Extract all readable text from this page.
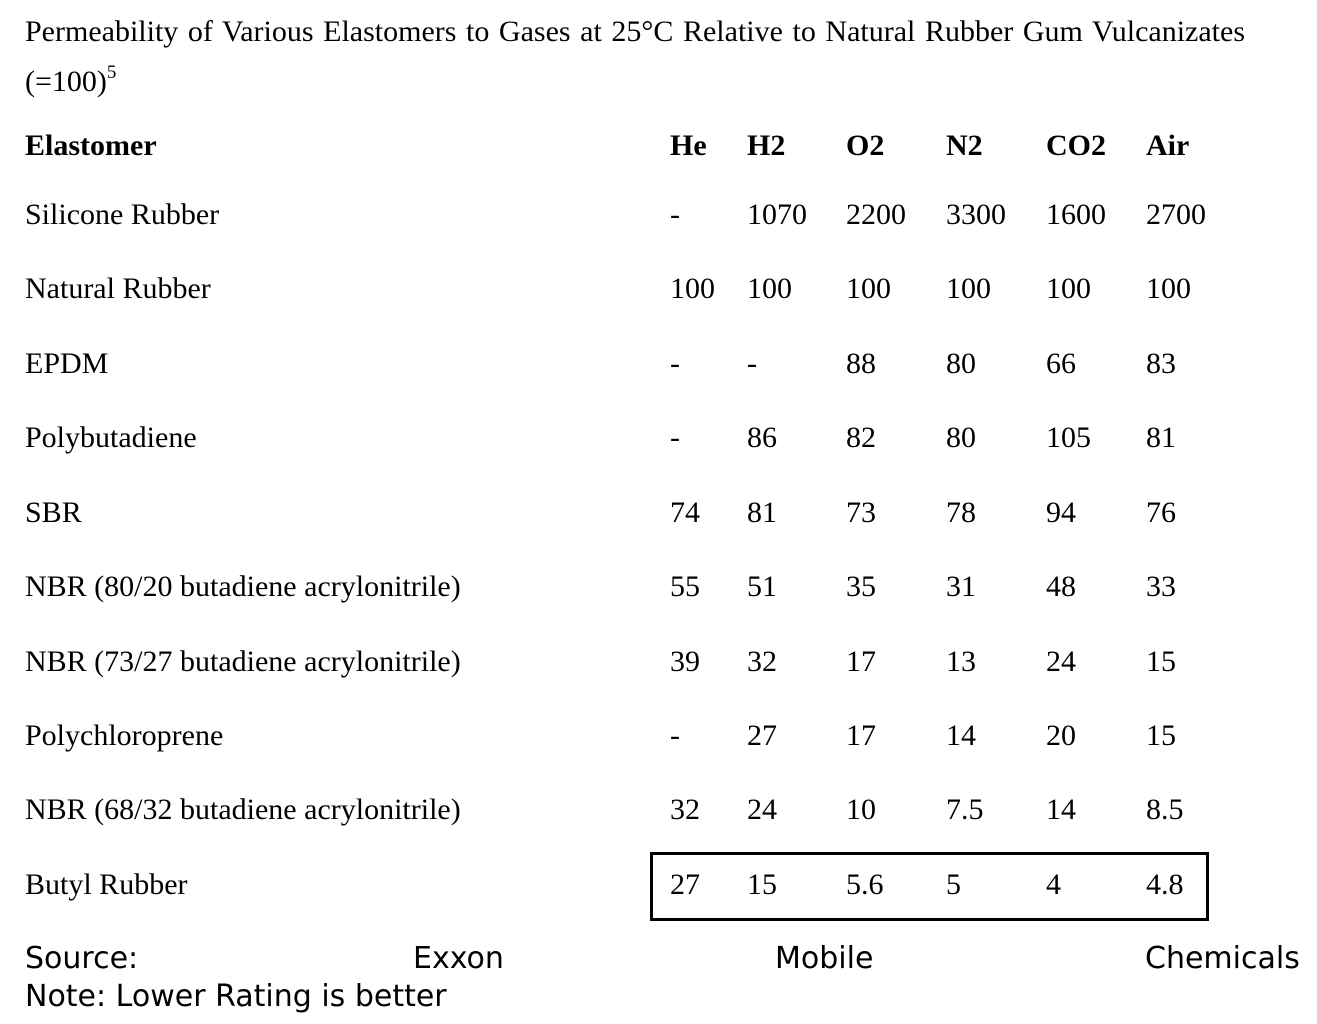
Permeability of Various Elastomers to Gases at 25°C Relative to Natural Rubber Gum Vulcanizates (=100)$^5$
Elastomer	He H2 O2 N2 CO2 Air
Silicone Rubber	- 1070 2200 3300 1600 2700
Natural Rubber	100 100 100 100 100 100
EPDM	- -	88 80 66 83
Polybutadiene	- 86 82 80 105 81
SBR	74 81 73 78 94 76
NBR (80/20 butadiene acrylonitrile)	55 51 35 31 48 33
NBR (73/27 butadiene acrylonitrile)	39 32 17 13 24 15
Polychloroprene	- 27 17 14 20 15
NBR (68/32 butadiene acrylonitrile)	32 24 10 7.5 14 8.5
Butyl Rubber	27 15 5.6 5	4	4.8
Source:	Exxon	Mobile	Chemicals
Note: Lower Rating is better
